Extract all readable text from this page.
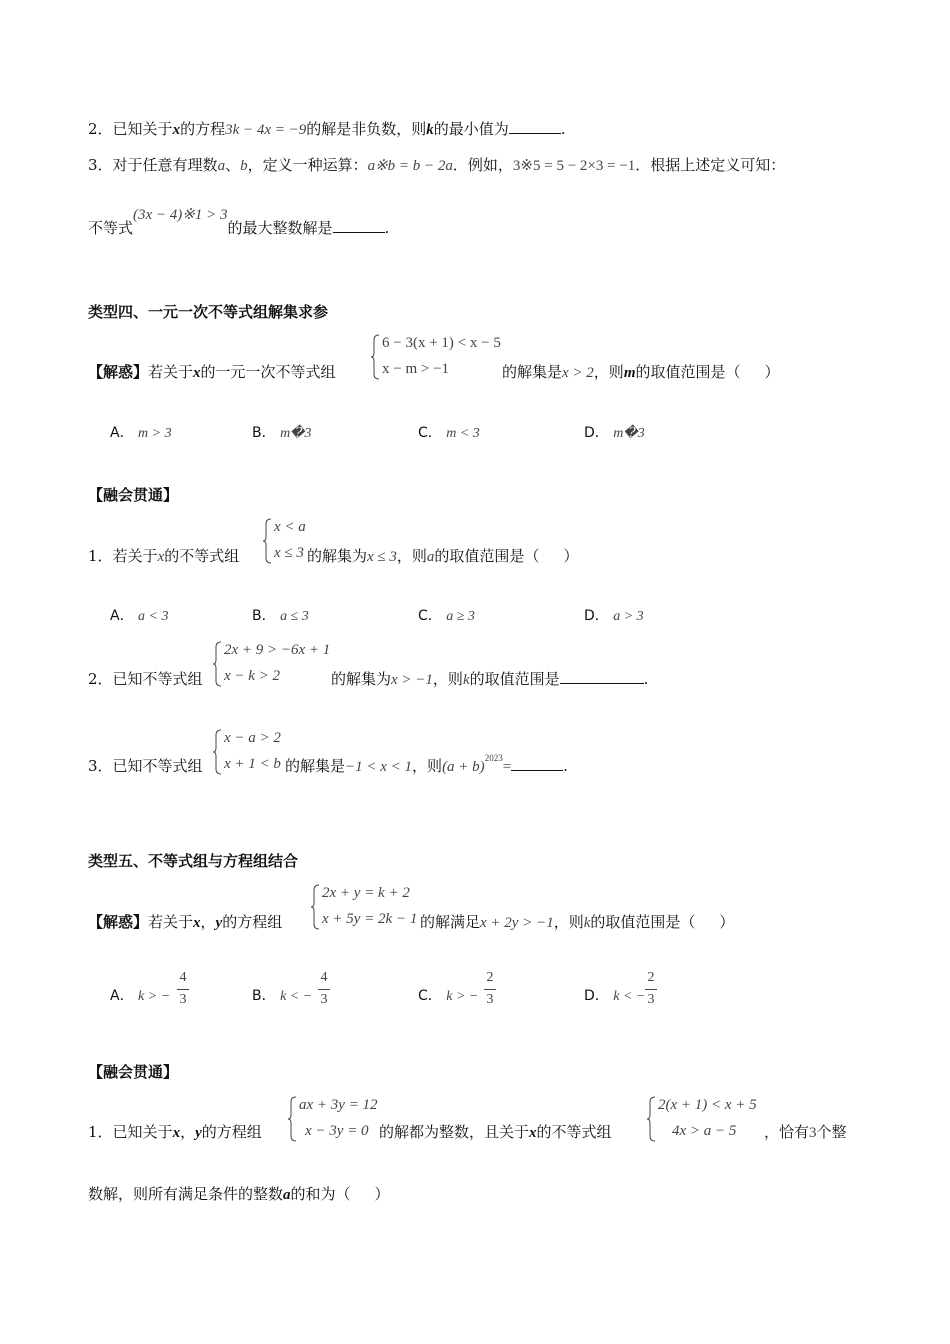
2．已知关于x的方程3k − 4x = −9的解是非负数，则k的最小值为	.
3．对于任意有理数a、b，定义一种运算：a※b = b − 2a．例如，3※5 = 5 − 2×3 = −1．根据上述定义可知：
不等式(3x − 4)※1 > 3的最大整数解是	.
类型四、一元一次不等式组解集求参
【解惑】若关于x的一元一次不等式组
6 − 3(x + 1) < x − 5
x − m > −1	的解集是x > 2，则m的取值范围是（ ）
A． m > 3	B． m�3	C． m < 3	D． m�3
【融会贯通】
1．若关于x的不等式组
x < a
x ≤ 3 的解集为x ≤ 3，则a的取值范围是（ ）
A． a < 3	B． a ≤ 3	C． a ≥ 3	D． a > 3
2．已知不等式组
2x + 9 > −6x + 1
x − k > 2	的解集为x > −1，则k的取值范围是	.
3．已知不等式组
x − a > 2
x + 1 < b 的解集是−1 < x < 1，则$(a + b)^{2023}=$	.
类型五、不等式组与方程组结合
【解惑】若关于x，y的方程组
2x + y = k + 2
x + 5y = 2k − 1 的解满足x + 2y > −1，则k的取值范围是（ ）
A． k > −
4
3	B． k < −
4
3	C． k > −
2
3	D． k < −
2
3
【融会贯通】
1．已知关于x，y的方程组
ax + 3y = 12
x − 3y = 0 的解都为整数，且关于x的不等式组
2(x + 1) < x + 5
4x > a − 5 ，恰有3个整
数解，则所有满足条件的整数a的和为（ ）
